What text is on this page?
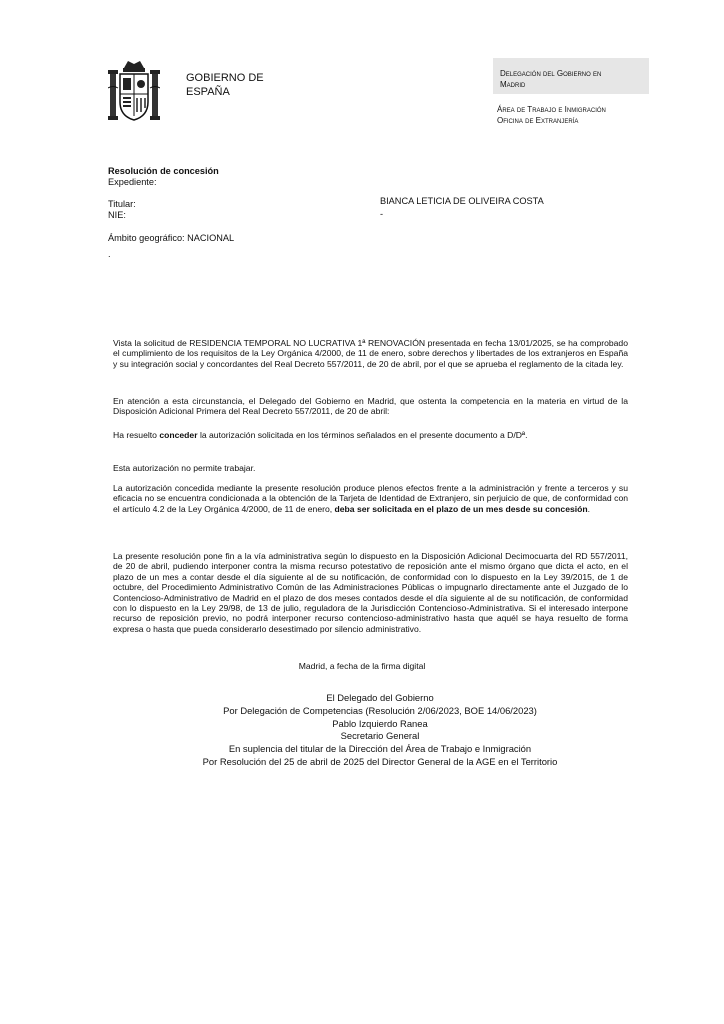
GOBIERNO DE
ESPAÑA
Delegación del Gobierno en
Madrid
Área de Trabajo e Inmigración
Oficina de Extranjería
Resolución de concesión
Expediente:
Titular:	BIANCA LETICIA DE OLIVEIRA COSTA
NIE:	-
Ámbito geográfico: NACIONAL
.
Vista la solicitud de RESIDENCIA TEMPORAL NO LUCRATIVA 1ª RENOVACIÓN presentada en fecha 13/01/2025, se ha comprobado el cumplimiento de los requisitos de la Ley Orgánica 4/2000, de 11 de enero, sobre derechos y libertades de los extranjeros en España y su integración social y concordantes del Real Decreto 557/2011, de 20 de abril, por el que se aprueba el reglamento de la citada ley.
En atención a esta circunstancia, el Delegado del Gobierno en Madrid, que ostenta la competencia en la materia en virtud de la Disposición Adicional Primera del Real Decreto 557/2011, de 20 de abril:
Ha resuelto conceder la autorización solicitada en los términos señalados en el presente documento a D/Dª.
Esta autorización no permite trabajar.
La autorización concedida mediante la presente resolución produce plenos efectos frente a la administración y frente a terceros y su eficacia no se encuentra condicionada a la obtención de la Tarjeta de Identidad de Extranjero, sin perjuicio de que, de conformidad con el artículo 4.2 de la Ley Orgánica 4/2000, de 11 de enero, deba ser solicitada en el plazo de un mes desde su concesión.
La presente resolución pone fin a la vía administrativa según lo dispuesto en la Disposición Adicional Decimocuarta del RD 557/2011, de 20 de abril, pudiendo interponer contra la misma recurso potestativo de reposición ante el mismo órgano que dicta el acto, en el plazo de un mes a contar desde el día siguiente al de su notificación, de conformidad con lo dispuesto en la Ley 39/2015, de 1 de octubre, del Procedimiento Administrativo Común de las Administraciones Públicas o impugnarlo directamente ante el Juzgado de lo Contencioso-Administrativo de Madrid en el plazo de dos meses contados desde el día siguiente al de su notificación, de conformidad con lo dispuesto en la Ley 29/98, de 13 de julio, reguladora de la Jurisdicción Contencioso-Administrativa. Si el interesado interpone recurso de reposición previo, no podrá interponer recurso contencioso-administrativo hasta que aquél se haya resuelto de forma expresa o hasta que pueda considerarlo desestimado por silencio administrativo.
Madrid, a fecha de la firma digital
El Delegado del Gobierno
Por Delegación de Competencias (Resolución 2/06/2023, BOE 14/06/2023)
Pablo Izquierdo Ranea
Secretario General
En suplencia del titular de la Dirección del Área de Trabajo e Inmigración
Por Resolución del 25 de abril de 2025 del Director General de la AGE en el Territorio
